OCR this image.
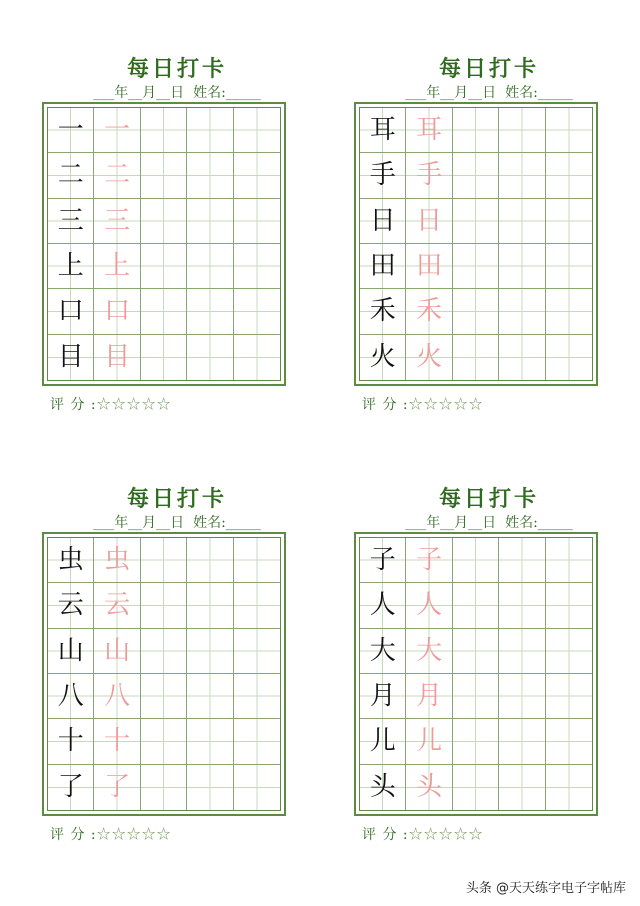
每日打卡
___年__月__日  姓名:_____
一 一
二 二
三 三
上 上
口 口
目 目
评 分 :☆☆☆☆☆
每日打卡
___年__月__日  姓名:_____
耳 耳
手 手
日 日
田 田
禾 禾
火 火
评 分 :☆☆☆☆☆
每日打卡
___年__月__日  姓名:_____
虫 虫
云 云
山 山
八 八
十 十
了 了
评 分 :☆☆☆☆☆
每日打卡
___年__月__日  姓名:_____
子 子
人 人
大 大
月 月
儿 儿
头 头
评 分 :☆☆☆☆☆
头条 @天天练字电子字帖库
